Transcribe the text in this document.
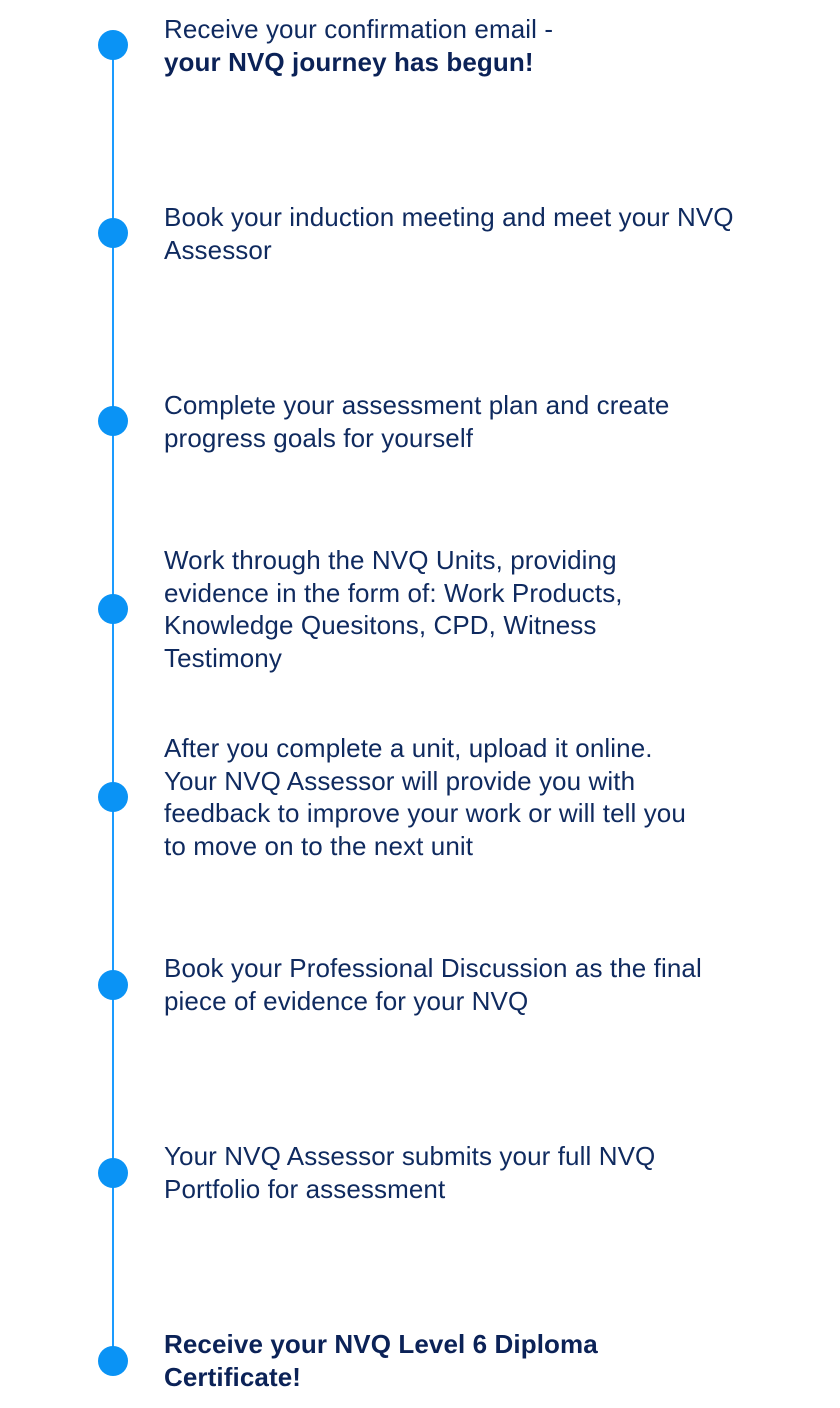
Receive your confirmation email -
your NVQ journey has begun!
Book your induction meeting and meet your NVQ Assessor
Complete your assessment plan and create progress goals for yourself
Work through the NVQ Units, providing evidence in the form of: Work Products, Knowledge Quesitons, CPD, Witness Testimony
After you complete a unit, upload it online. Your NVQ Assessor will provide you with feedback to improve your work or will tell you to move on to the next unit
Book your Professional Discussion as the final piece of evidence for your NVQ
Your NVQ Assessor submits your full NVQ Portfolio for assessment
Receive your NVQ Level 6 Diploma Certificate!
